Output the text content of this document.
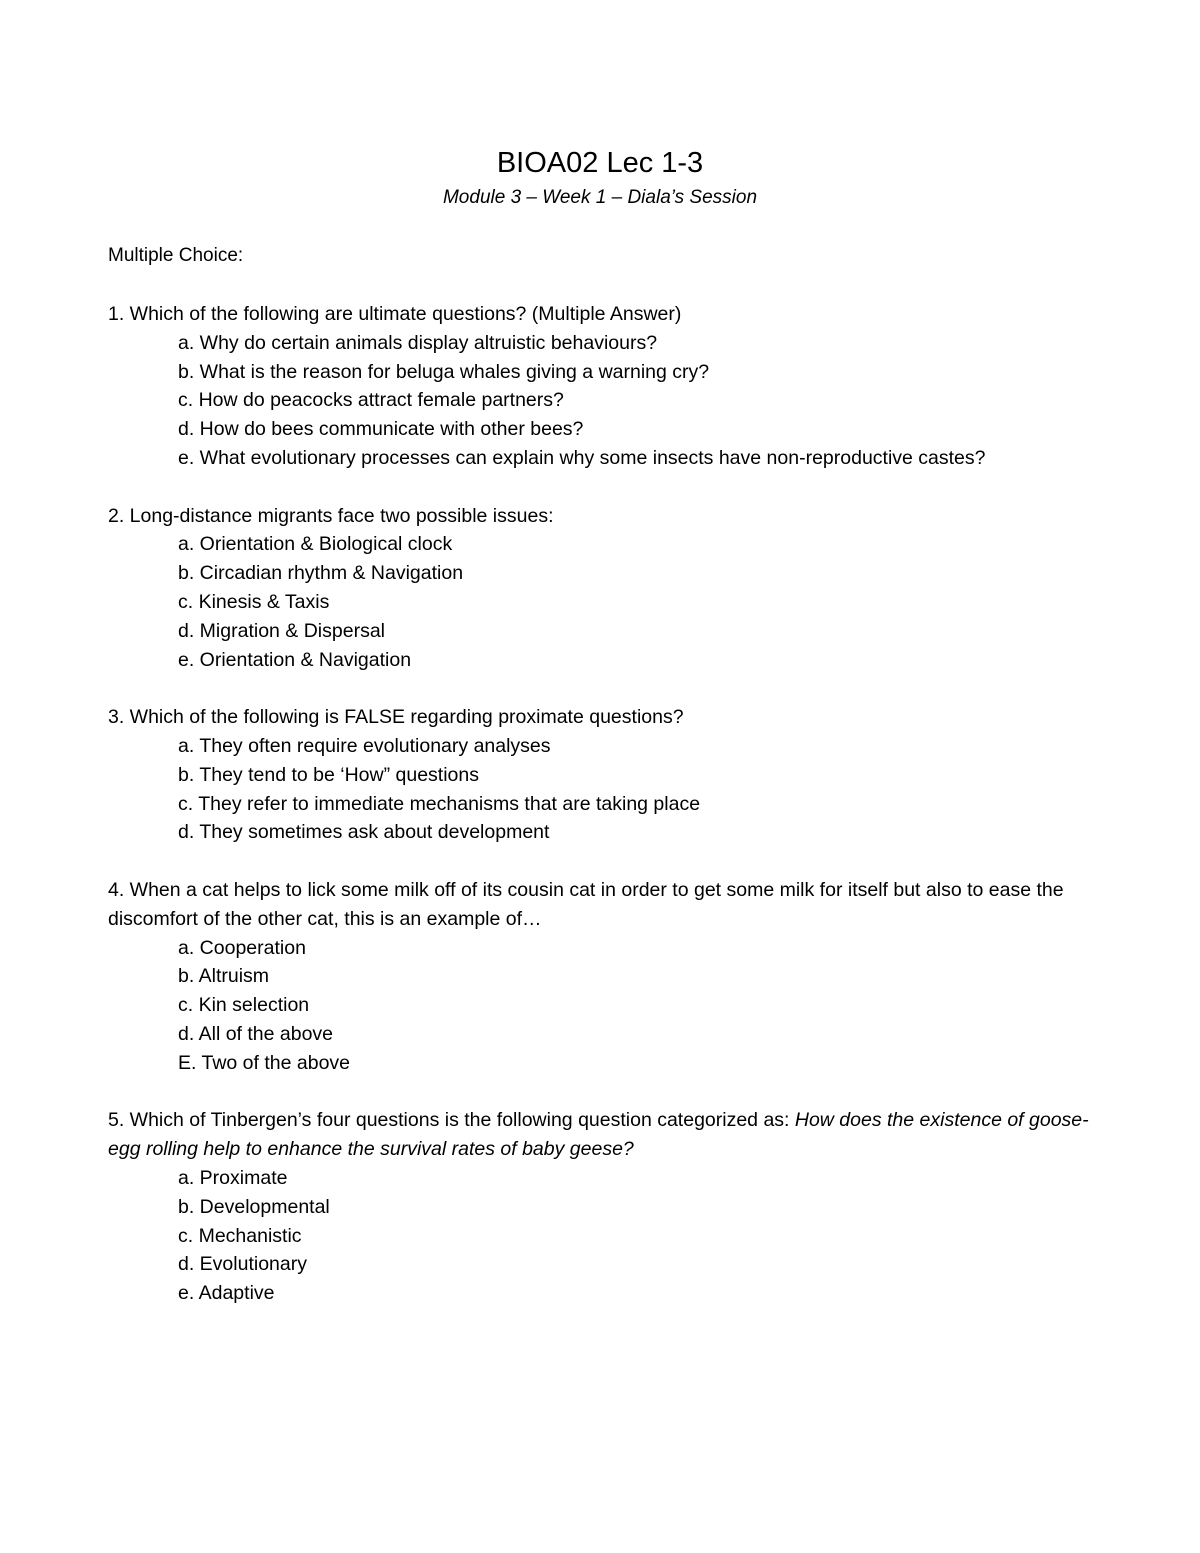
BIOA02 Lec 1-3
Module 3 – Week 1 – Diala’s Session
Multiple Choice:

1. Which of the following are ultimate questions? (Multiple Answer)

a. Why do certain animals display altruistic behaviours?
b. What is the reason for beluga whales giving a warning cry?
c. How do peacocks attract female partners?
d. How do bees communicate with other bees?
e. What evolutionary processes can explain why some insects have non-reproductive castes?

2. Long-distance migrants face two possible issues:

a. Orientation & Biological clock
b. Circadian rhythm & Navigation
c. Kinesis & Taxis
d. Migration & Dispersal
e. Orientation & Navigation

3. Which of the following is FALSE regarding proximate questions?

a. They often require evolutionary analyses
b. They tend to be ‘How” questions
c. They refer to immediate mechanisms that are taking place
d. They sometimes ask about development

4. When a cat helps to lick some milk off of its cousin cat in order to get some milk for itself but also to ease the discomfort of the other cat, this is an example of…

a. Cooperation
b. Altruism
c. Kin selection
d. All of the above
E. Two of the above

5. Which of Tinbergen’s four questions is the following question categorized as: How does the existence of goose-egg rolling help to enhance the survival rates of baby geese?

a. Proximate
b. Developmental
c. Mechanistic
d. Evolutionary
e. Adaptive
